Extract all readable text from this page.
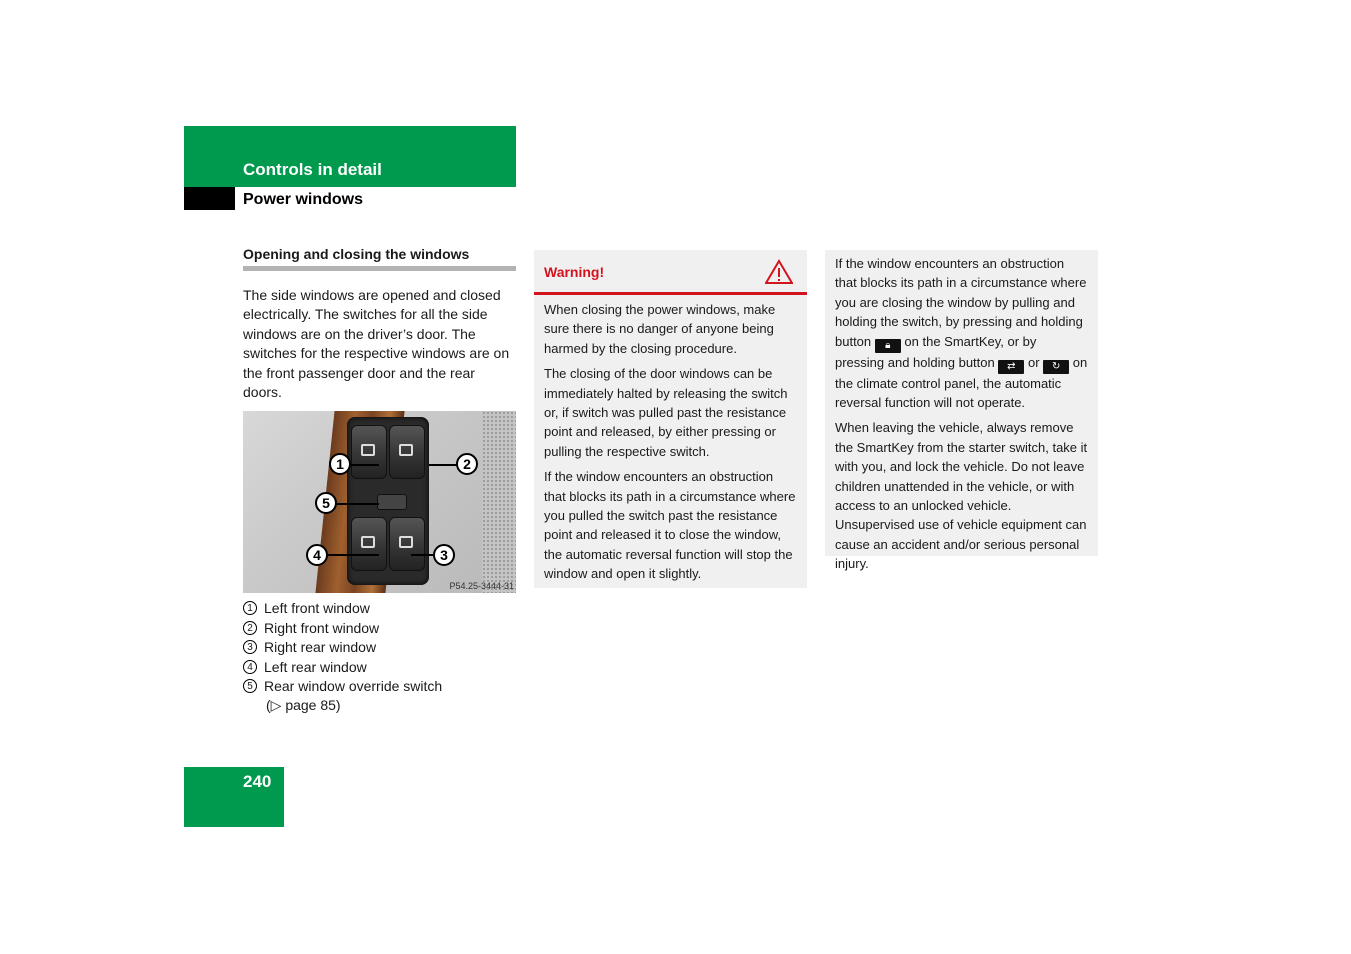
Controls in detail
Power windows
Opening and closing the windows

The side windows are opened and closed electrically. The switches for all the side windows are on the driver’s door. The switches for the respective windows are on the front passenger door and the rear doors.

1	2
5
4	3
P54.25-3444-31
1 Left front window
2 Right front window
3 Right rear window
4 Left rear window
5 Rear window override switch
(▷ page 85)
Warning!

When closing the power windows, make sure there is no danger of anyone being harmed by the closing procedure.

The closing of the door windows can be immediately halted by releasing the switch or, if switch was pulled past the resistance point and released, by either pressing or pulling the respective switch.

If the window encounters an obstruction that blocks its path in a circumstance where you pulled the switch past the resistance point and released it to close the window, the automatic reversal function will stop the window and open it slightly.

If the window encounters an obstruction that blocks its path in a circumstance where you are closing the window by pulling and holding the switch, by pressing and holding button 🔒︎ on the SmartKey, or by pressing and holding button ⇄ or ↻ on the climate control panel, the automatic reversal function will not operate.

When leaving the vehicle, always remove the SmartKey from the starter switch, take it with you, and lock the vehicle. Do not leave children unattended in the vehicle, or with access to an unlocked vehicle. Unsupervised use of vehicle equipment can cause an accident and/or serious personal injury.

240
